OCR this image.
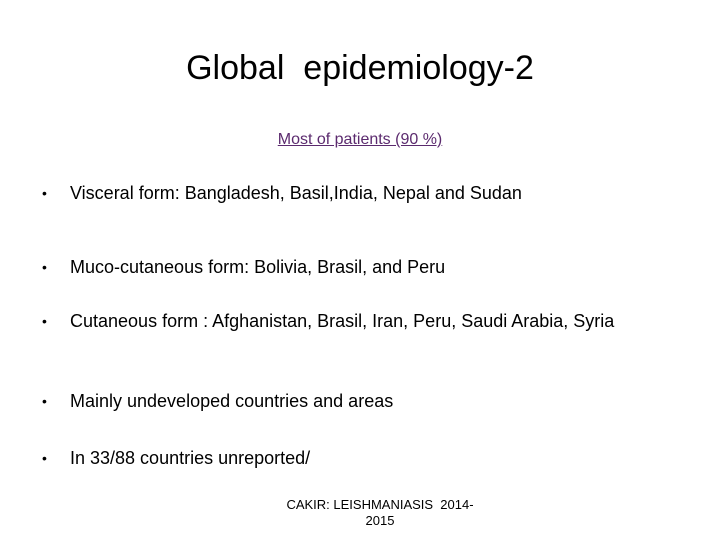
Global  epidemiology-2
Most of patients (90 %)
• Visceral form: Bangladesh, Basil,India, Nepal and Sudan
• Muco-cutaneous form: Bolivia, Brasil, and Peru
• Cutaneous form : Afghanistan, Brasil, Iran, Peru, Saudi Arabia, Syria
• Mainly undeveloped countries and areas
• In 33/88 countries unreported/
CAKIR: LEISHMANIASIS  2014-
2015
